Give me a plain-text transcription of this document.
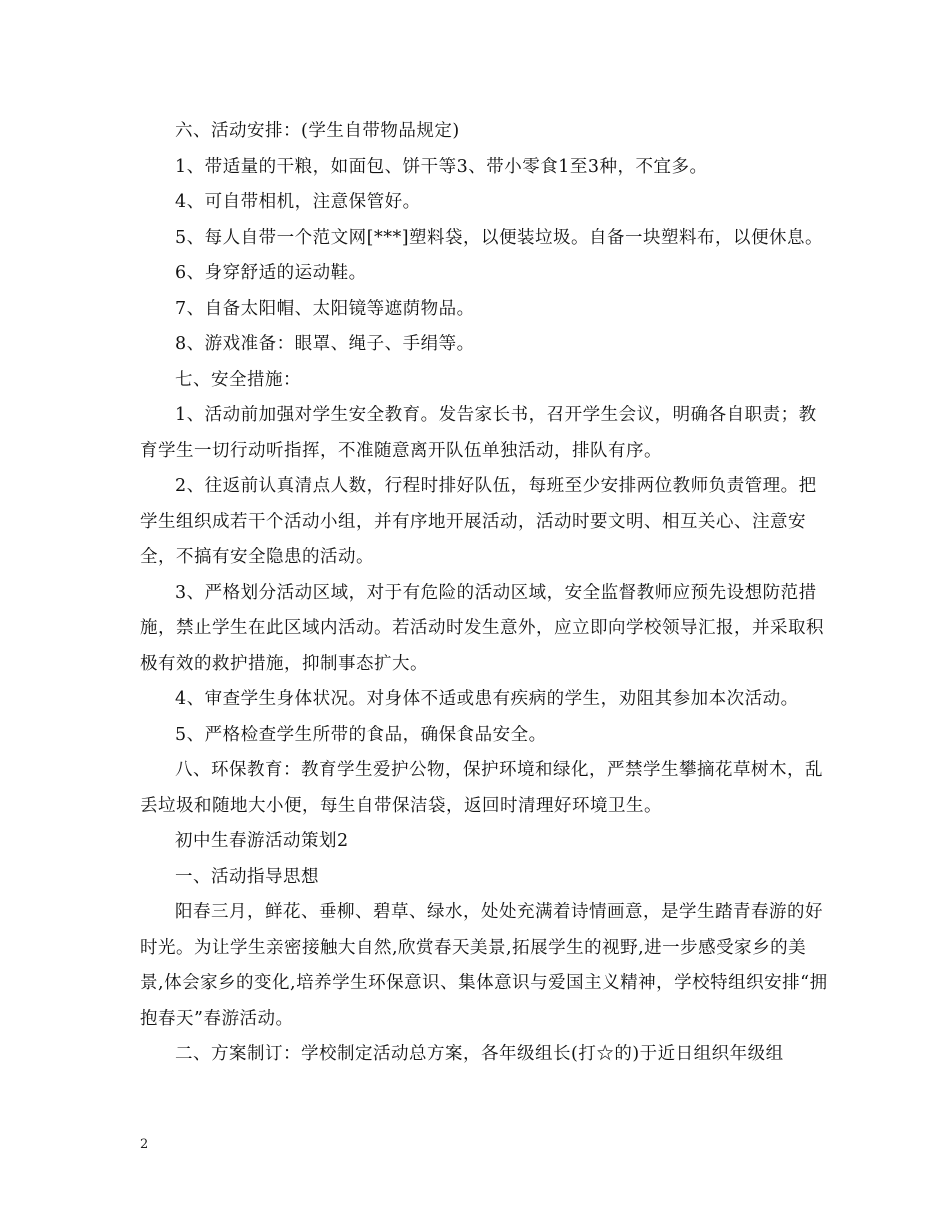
六、活动安排：(学生自带物品规定)

1、带适量的干粮，如面包、饼干等3、带小零食1至3种，不宜多。

4、可自带相机，注意保管好。

5、每人自带一个范文网[***]塑料袋，以便装垃圾。自备一块塑料布，以便休息。

6、身穿舒适的运动鞋。

7、自备太阳帽、太阳镜等遮荫物品。

8、游戏准备：眼罩、绳子、手绢等。

七、安全措施：

1、活动前加强对学生安全教育。发告家长书，召开学生会议，明确各自职责；教育学生一切行动听指挥，不准随意离开队伍单独活动，排队有序。

2、往返前认真清点人数，行程时排好队伍，每班至少安排两位教师负责管理。把学生组织成若干个活动小组，并有序地开展活动，活动时要文明、相互关心、注意安全，不搞有安全隐患的活动。

3、严格划分活动区域，对于有危险的活动区域，安全监督教师应预先设想防范措施，禁止学生在此区域内活动。若活动时发生意外，应立即向学校领导汇报，并采取积极有效的救护措施，抑制事态扩大。

4、审查学生身体状况。对身体不适或患有疾病的学生，劝阻其参加本次活动。

5、严格检查学生所带的食品，确保食品安全。

八、环保教育：教育学生爱护公物，保护环境和绿化，严禁学生攀摘花草树木，乱丢垃圾和随地大小便，每生自带保洁袋，返回时清理好环境卫生。

初中生春游活动策划2

一、活动指导思想

阳春三月，鲜花、垂柳、碧草、绿水，处处充满着诗情画意，是学生踏青春游的好时光。为让学生亲密接触大自然,欣赏春天美景,拓展学生的视野,进一步感受家乡的美景,体会家乡的变化,培养学生环保意识、集体意识与爱国主义精神，学校特组织安排“拥抱春天”春游活动。

二、方案制订：学校制定活动总方案，各年级组长(打☆的)于近日组织年级组

2
